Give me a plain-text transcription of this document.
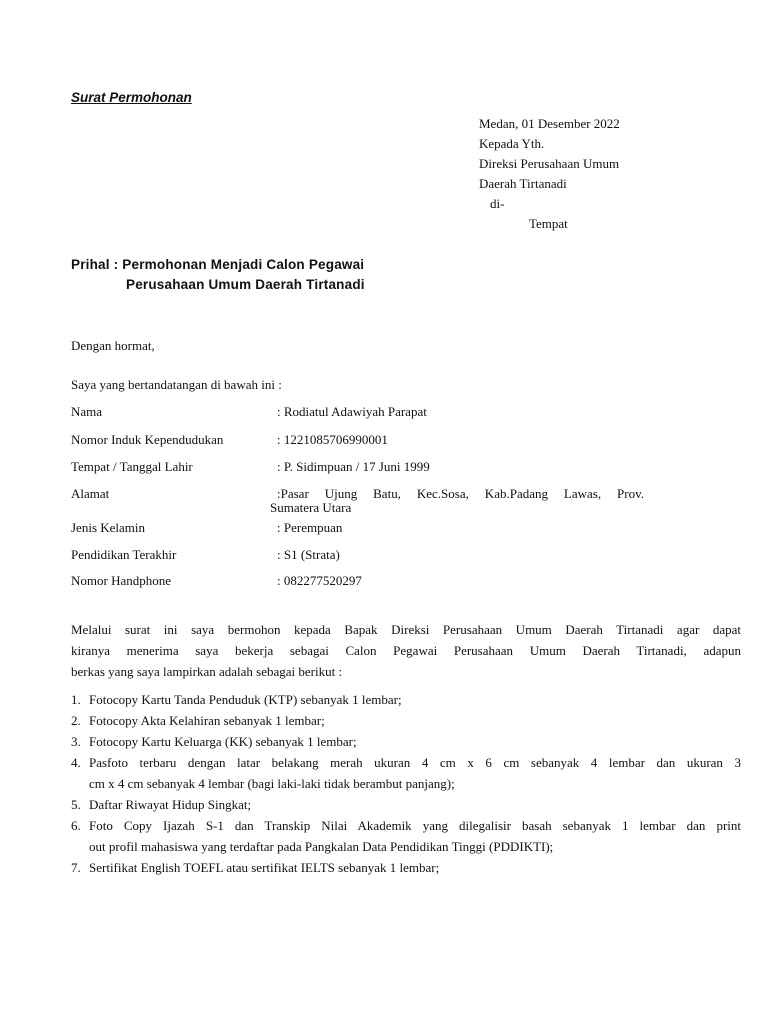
Surat Permohonan
Medan, 01 Desember 2022
Kepada Yth.
Direksi Perusahaan Umum
Daerah Tirtanadi
di-
Tempat
Prihal : Permohonan Menjadi Calon Pegawai
Perusahaan Umum Daerah Tirtanadi
Dengan hormat,
Saya yang bertandatangan di bawah ini :
Nama	: Rodiatul Adawiyah Parapat
Nomor Induk Kependudukan	: 1221085706990001
Tempat / Tanggal Lahir	: P. Sidimpuan / 17 Juni 1999
Alamat	:Pasar Ujung Batu, Kec.Sosa, Kab.Padang Lawas, Prov.
Sumatera Utara
Jenis Kelamin	: Perempuan
Pendidikan Terakhir	: S1 (Strata)
Nomor Handphone	: 082277520297
Melalui surat ini saya bermohon kepada Bapak Direksi Perusahaan Umum Daerah Tirtanadi agar dapat
kiranya menerima saya bekerja sebagai Calon Pegawai Perusahaan Umum Daerah Tirtanadi, adapun
berkas yang saya lampirkan adalah sebagai berikut :
1. Fotocopy Kartu Tanda Penduduk (KTP) sebanyak 1 lembar;
2. Fotocopy Akta Kelahiran sebanyak 1 lembar;
3. Fotocopy Kartu Keluarga (KK) sebanyak 1 lembar;
4. Pasfoto terbaru dengan latar belakang merah ukuran 4 cm x 6 cm sebanyak 4 lembar dan ukuran 3
cm x 4 cm sebanyak 4 lembar (bagi laki-laki tidak berambut panjang);
5. Daftar Riwayat Hidup Singkat;
6. Foto Copy Ijazah S-1 dan Transkip Nilai Akademik yang dilegalisir basah sebanyak 1 lembar dan print
out profil mahasiswa yang terdaftar pada Pangkalan Data Pendidikan Tinggi (PDDIKTI);
7. Sertifikat English TOEFL atau sertifikat IELTS sebanyak 1 lembar;
